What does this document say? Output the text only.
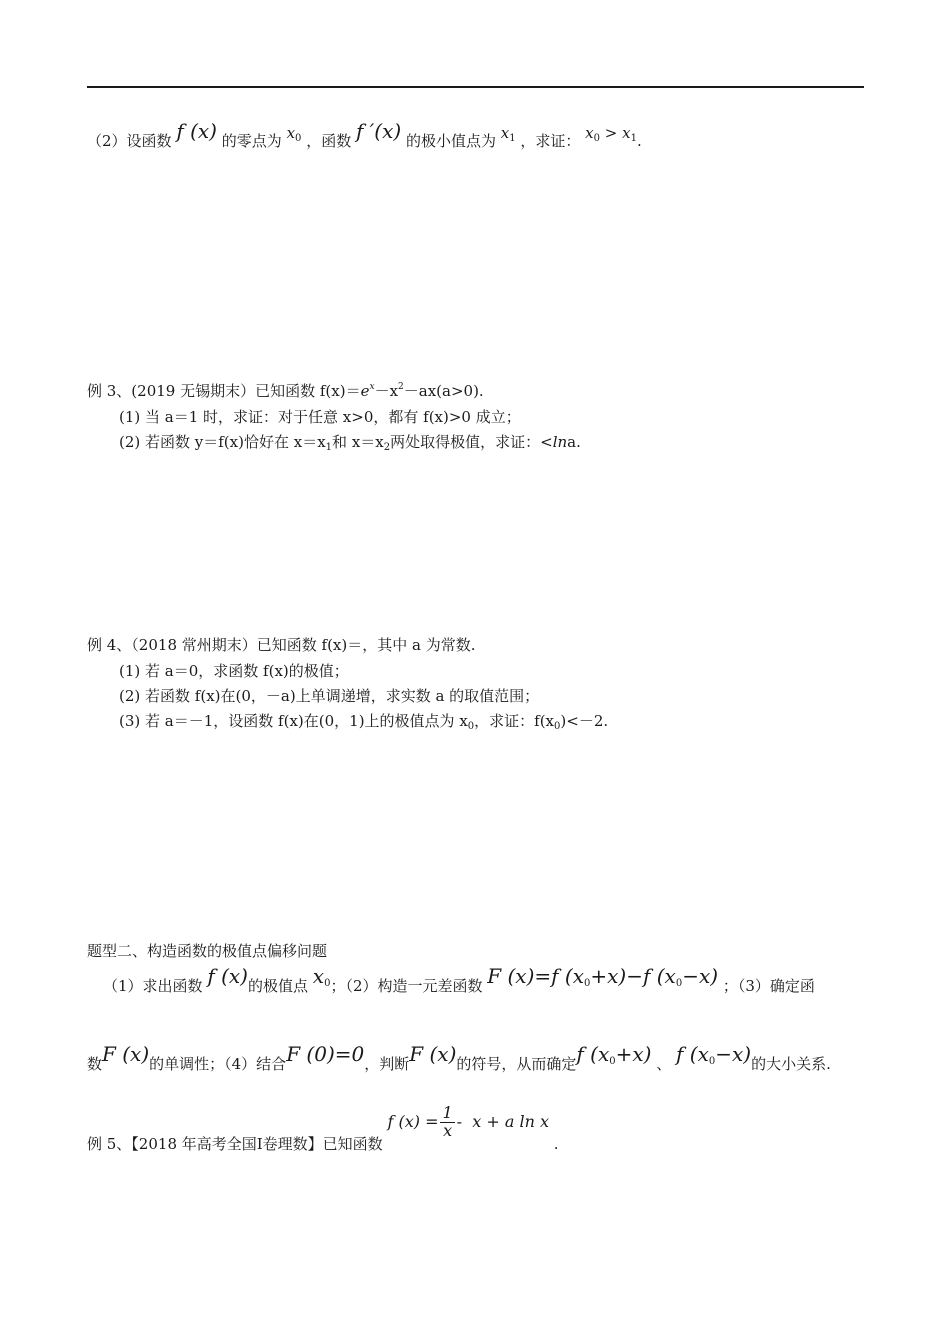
（2）设函数 f (x) 的零点为 $x_0$ ，函数 f ′(x) 的极小值点为 $x_1$ ，求证： $x_0 > x_1$.
例 3、(2019 无锡期末）已知函数 $f(x)=e^x-x^2-ax(a>0)$.
(1) 当 a＝1 时，求证：对于任意 x>0，都有 f(x)>0 成立；
(2) 若函数 y＝f(x)恰好在 $x=x_1$和 $x=x_2$两处取得极值，求证：<lna.
例 4、（2018 常州期末）已知函数 f(x)＝，其中 a 为常数.
(1) 若 a＝0，求函数 f(x)的极值；
(2) 若函数 f(x)在(0，－a)上单调递增，求实数 a 的取值范围；
(3) 若 a＝－1，设函数 f(x)在(0，1)上的极值点为 $x_0$，求证：$f(x_0)<-2$.
题型二、构造函数的极值点偏移问题
（1）求出函数 f (x)的极值点 $x_0$；（2）构造一元差函数 F (x)=f $(x_0+x)-f$ $(x_0-x)$ ；（3）确定函
数F (x)的单调性；（4）结合F (0)=0，判断F (x)的符号，从而确定f $(x_0+x)$ 、 f $(x_0-x)$的大小关系.
例 5、【2018 年高考全国Ⅰ卷理数】已知函数 f $(x) = \frac{1}{x} - x + a$ ln x .
